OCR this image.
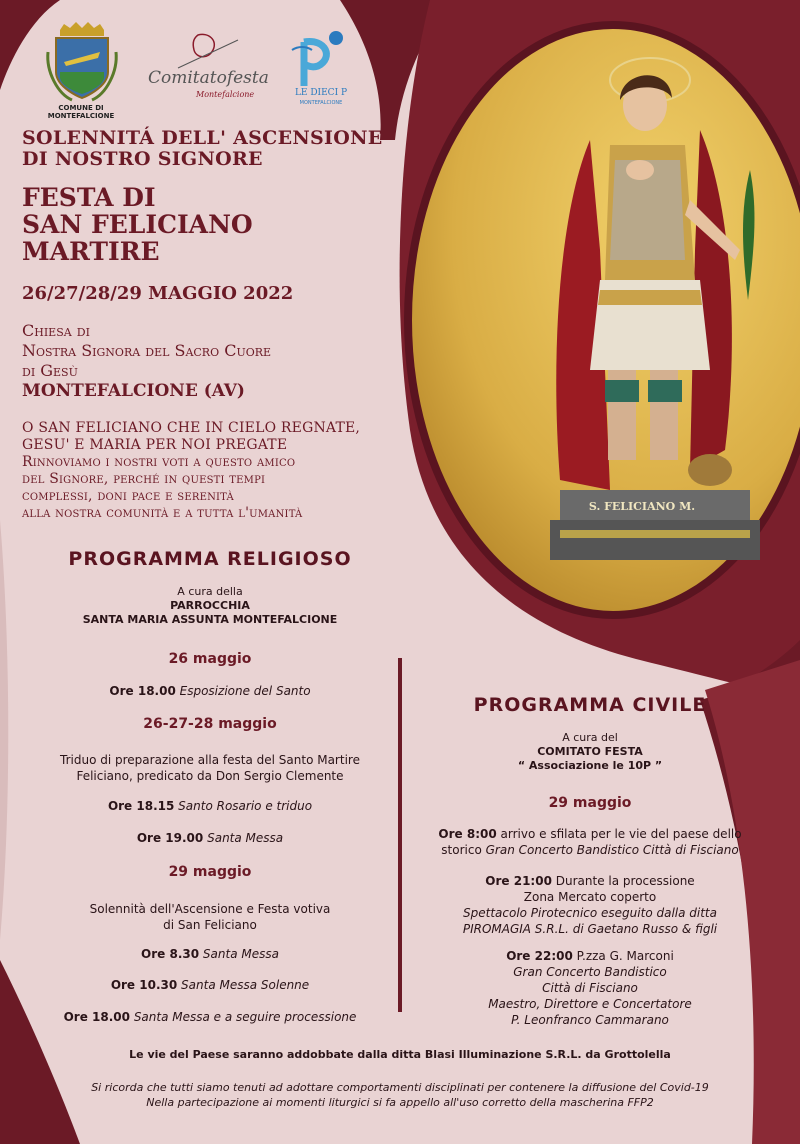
S. FELICIANO M.
COMUNE DI MONTEFALCIONE
Comitatofesta
Montefalcione	LE DIECI P
MONTEFALCIONE
SOLENNITÁ DELL' ASCENSIONE
DI NOSTRO SIGNORE
FESTA DI
SAN FELICIANO
MARTIRE
26/27/28/29 MAGGIO 2022
Chiesa di
Nostra Signora del Sacro Cuore
di Gesù
MONTEFALCIONE (AV)
O SAN FELICIANO CHE IN CIELO REGNATE,
GESU' E MARIA PER NOI PREGATE
Rinnoviamo i nostri voti a questo amico
del Signore, perché in questi tempi
complessi, doni pace e serenità
alla nostra comunità e a tutta l'umanità
PROGRAMMA RELIGIOSO
A cura della
PARROCCHIA
SANTA MARIA ASSUNTA MONTEFALCIONE
26 maggio
Ore 18.00 Esposizione del Santo
26-27-28 maggio
Triduo di preparazione alla festa del Santo Martire
Feliciano, predicato da Don Sergio Clemente
Ore 18.15 Santo Rosario e triduo
Ore 19.00 Santa Messa
29 maggio
Solennità dell'Ascensione e Festa votiva
di San Feliciano
Ore 8.30 Santa Messa
Ore 10.30 Santa Messa Solenne
Ore 18.00 Santa Messa e a seguire processione
PROGRAMMA CIVILE
A cura del
COMITATO FESTA
“ Associazione le 10P ”
29 maggio
Ore 8:00 arrivo e sfilata per le vie del paese dello
storico Gran Concerto Bandistico Città di Fisciano
Ore 21:00 Durante la processione
Zona Mercato coperto
Spettacolo Pirotecnico eseguito dalla ditta
PIROMAGIA S.R.L. di Gaetano Russo & figli
Ore 22:00 P.zza G. Marconi
Gran Concerto Bandistico
Città di Fisciano
Maestro, Direttore e Concertatore
P. Leonfranco Cammarano
Le vie del Paese saranno addobbate dalla ditta Blasi Illuminazione S.R.L. da Grottolella
Si ricorda che tutti siamo tenuti ad adottare comportamenti disciplinati per contenere la diffusione del Covid-19
Nella partecipazione ai momenti liturgici si fa appello all'uso corretto della mascherina FFP2
